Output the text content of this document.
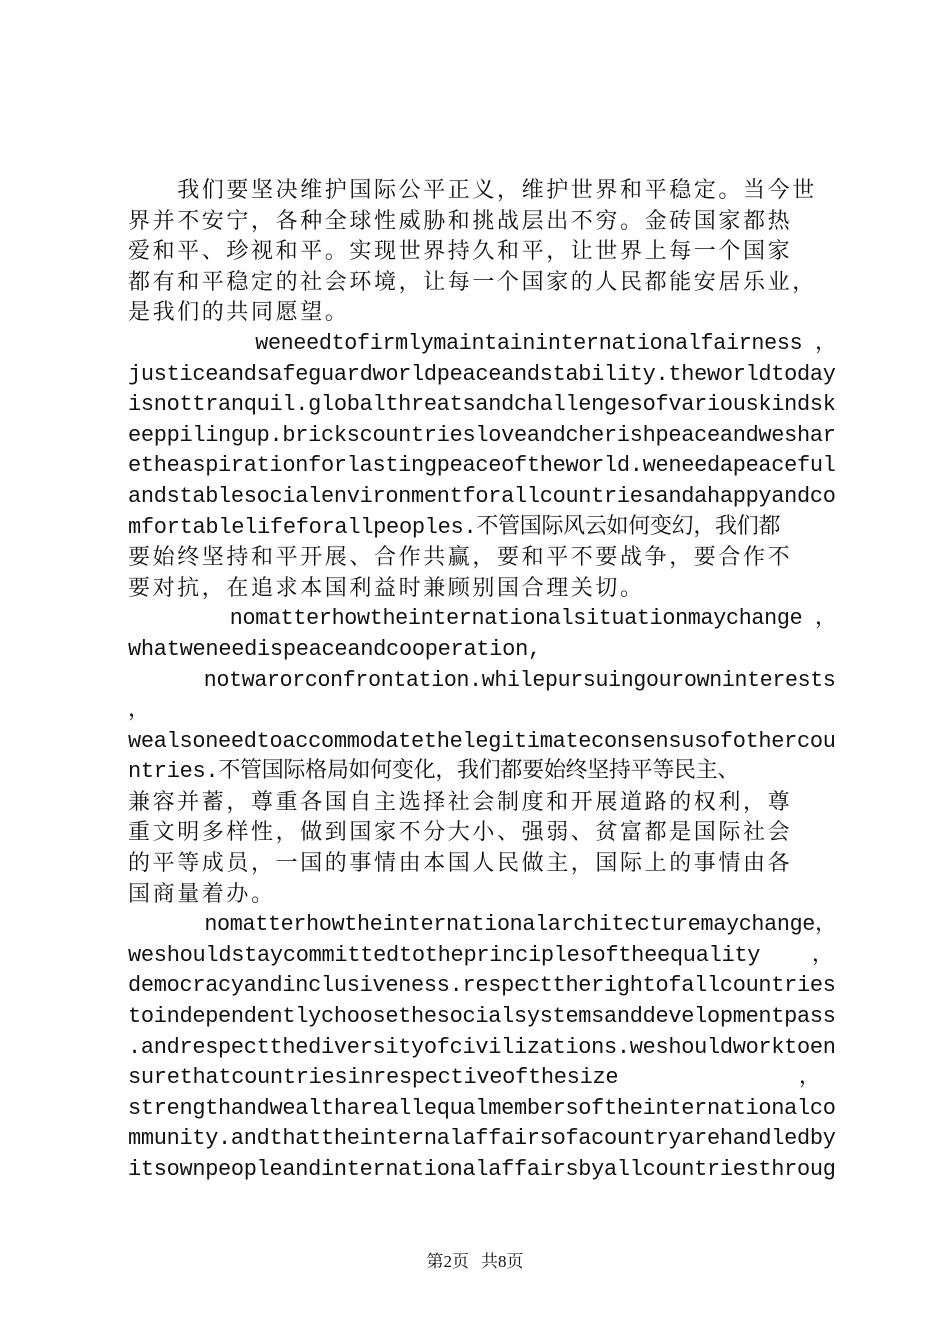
　　我们要坚决维护国际公平正义，维护世界和平稳定。当今世
界并不安宁，各种全球性威胁和挑战层出不穷。金砖国家都热
爱和平、珍视和平。实现世界持久和平，让世界上每一个国家
都有和平稳定的社会环境，让每一个国家的人民都能安居乐业，
是我们的共同愿望。
weneedtofirmlymaintaininternationalfairness ，
justiceandsafeguardworldpeaceandstability.theworldtoday
isnottranquil.globalthreatsandchallengesofvariouskindsk
eeppilingup.brickscountriesloveandcherishpeaceandweshar
etheaspirationforlastingpeaceoftheworld.weneedapeaceful
andstablesocialenvironmentforallcountriesandahappyandco
mfortablelifeforallpeoples.不管国际风云如何变幻，我们都
要始终坚持和平开展、合作共赢，要和平不要战争，要合作不
要对抗，在追求本国利益时兼顾别国合理关切。
nomatterhowtheinternationalsituationmaychange ，
whatweneedispeaceandcooperation,
notwarorconfrontation.whilepursuingourowninterests
，
wealsoneedtoaccommodatethelegitimateconsensusofothercou
ntries.不管国际格局如何变化，我们都要始终坚持平等民主、
兼容并蓄，尊重各国自主选择社会制度和开展道路的权利，尊
重文明多样性，做到国家不分大小、强弱、贫富都是国际社会
的平等成员，一国的事情由本国人民做主，国际上的事情由各
国商量着办。
nomatterhowtheinternationalarchitecturemaychange，
weshouldstaycommittedtotheprinciplesoftheequality    ，
democracyandinclusiveness.respecttherightofallcountries
toindependentlychoosethesocialsystemsanddevelopmentpass
.andrespectthediversityofcivilizations.weshouldworktoen
surethatcountriesinrespectiveofthesize              ，
strengthandwealthareallequalmembersoftheinternationalco
mmunity.andthattheinternalaffairsofacountryarehandledby
itsownpeopleandinternationalaffairsbyallcountriesthroug
第2页 共8页
